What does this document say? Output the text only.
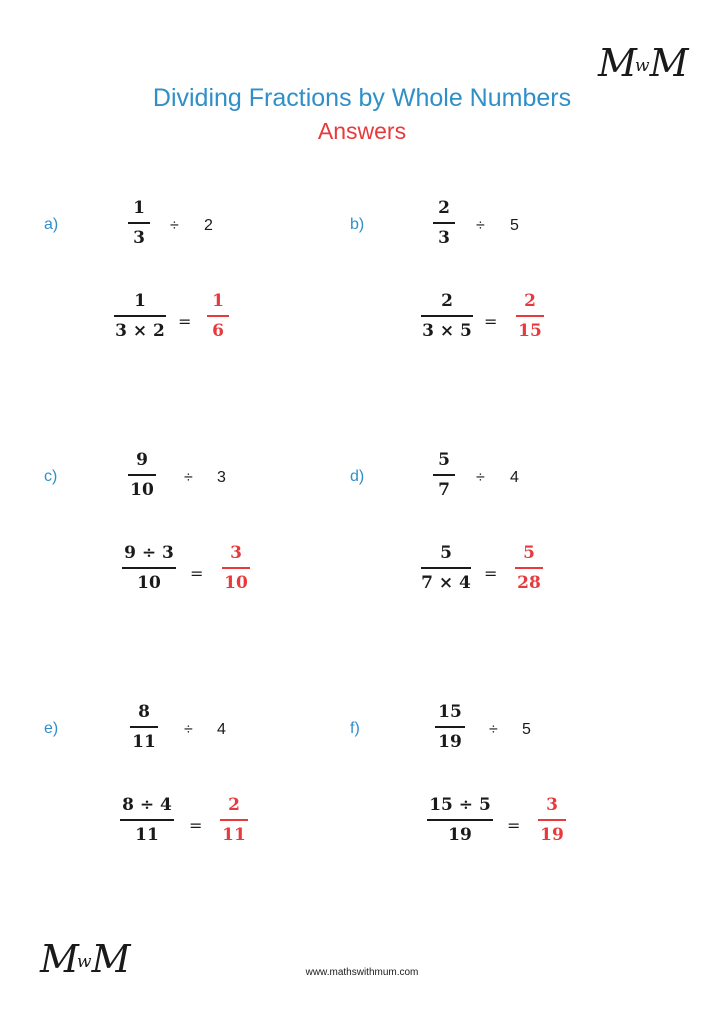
MwM
Dividing Fractions by Whole Numbers
Answers
a)
1
3
÷ 2
1
3 × 2 =
1
6
b)
2
3
÷ 5
2
3 × 5 =
2
15
c)
9
10
÷ 3
9 ÷ 3
10 =
3
10
d)
5
7
÷ 4
5
7 × 4 =
5
28
e)
8
11
÷ 4
8 ÷ 4
11 =
2
11
f)
15
19
÷ 5
15 ÷ 5
19 =
3
19
MwM	www.mathswithmum.com
